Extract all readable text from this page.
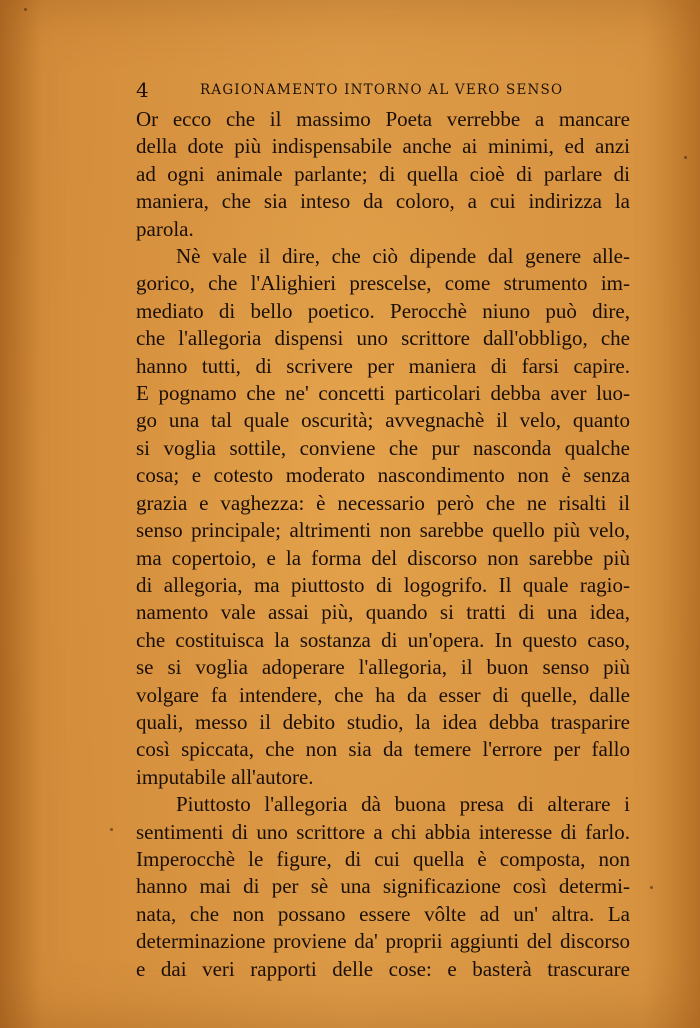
4	RAGIONAMENTO INTORNO AL VERO SENSO
Or ecco che il massimo Poeta verrebbe a mancare
della dote più indispensabile anche ai minimi, ed anzi
ad ogni animale parlante; di quella cioè di parlare di
maniera, che sia inteso da coloro, a cui indirizza la
parola.
Nè vale il dire, che ciò dipende dal genere alle-
gorico, che l'Alighieri prescelse, come strumento im-
mediato di bello poetico. Perocchè niuno può dire,
che l'allegoria dispensi uno scrittore dall'obbligo, che
hanno tutti, di scrivere per maniera di farsi capire.
E pognamo che ne' concetti particolari debba aver luo-
go una tal quale oscurità; avvegnachè il velo, quanto
si voglia sottile, conviene che pur nasconda qualche
cosa; e cotesto moderato nascondimento non è senza
grazia e vaghezza: è necessario però che ne risalti il
senso principale; altrimenti non sarebbe quello più velo,
ma copertoio, e la forma del discorso non sarebbe più
di allegoria, ma piuttosto di logogrifo. Il quale ragio-
namento vale assai più, quando si tratti di una idea,
che costituisca la sostanza di un'opera. In questo caso,
se si voglia adoperare l'allegoria, il buon senso più
volgare fa intendere, che ha da esser di quelle, dalle
quali, messo il debito studio, la idea debba trasparire
così spiccata, che non sia da temere l'errore per fallo
imputabile all'autore.
Piuttosto l'allegoria dà buona presa di alterare i
sentimenti di uno scrittore a chi abbia interesse di farlo.
Imperocchè le figure, di cui quella è composta, non
hanno mai di per sè una significazione così determi-
nata, che non possano essere vôlte ad un' altra. La
determinazione proviene da' proprii aggiunti del discorso
e dai veri rapporti delle cose: e basterà trascurare
